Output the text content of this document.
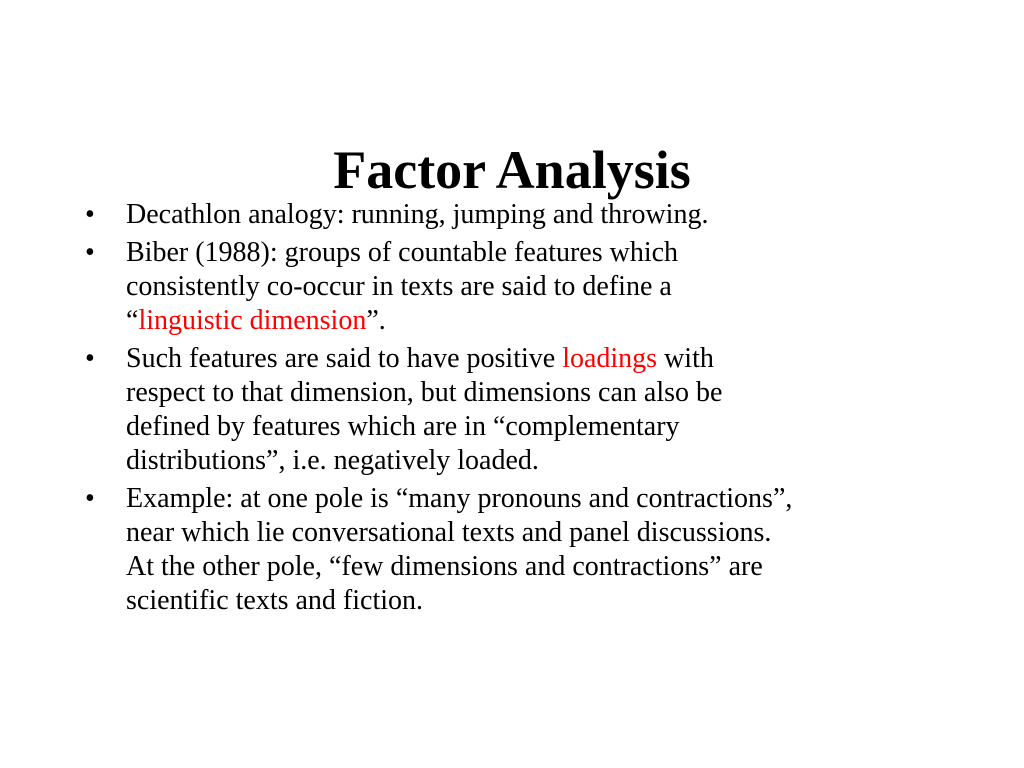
Factor Analysis
• Decathlon analogy: running, jumping and throwing.
• Biber (1988): groups of countable features which
consistently co-occur in texts are said to define a
“linguistic dimension”.
• Such features are said to have positive loadings with
respect to that dimension, but dimensions can also be
defined by features which are in “complementary
distributions”, i.e. negatively loaded.
• Example: at one pole is “many pronouns and contractions”,
near which lie conversational texts and panel discussions.
At the other pole, “few dimensions and contractions” are
scientific texts and fiction.
